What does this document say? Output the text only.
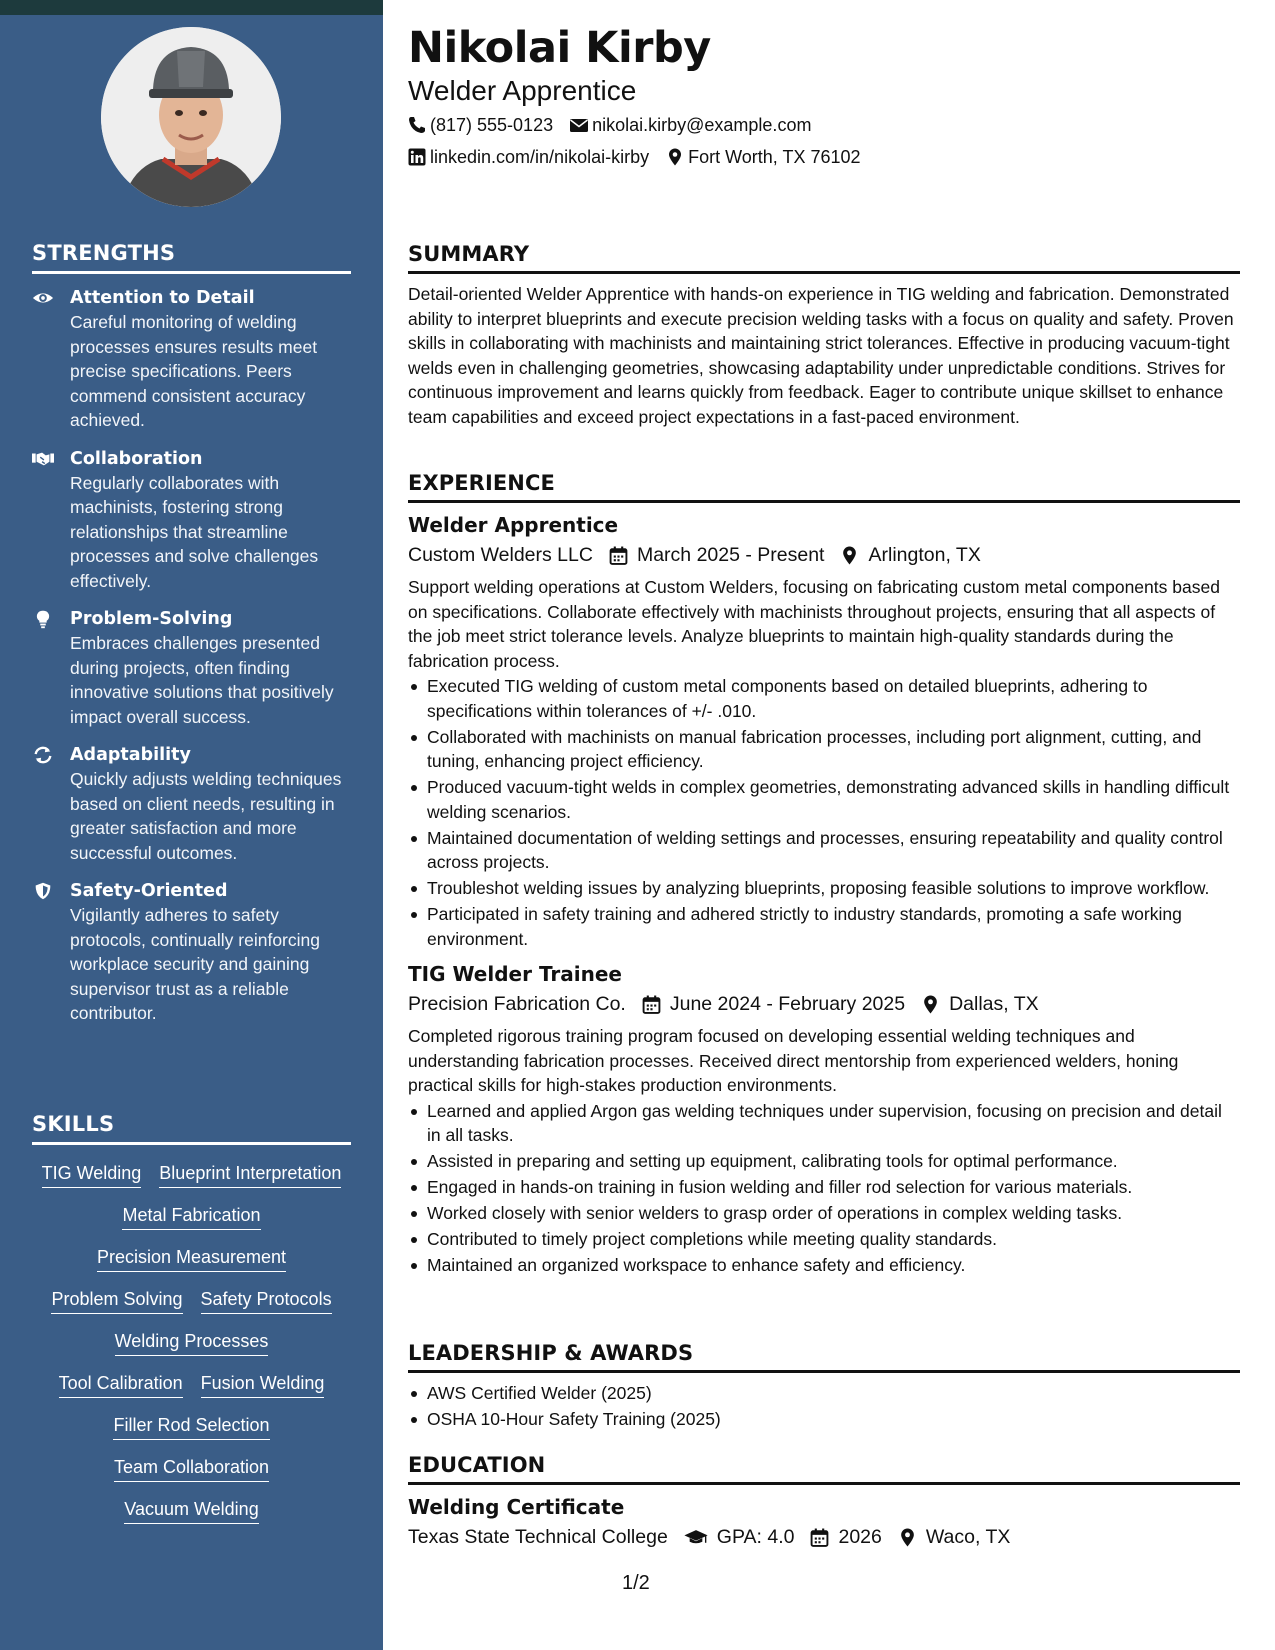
STRENGTHS
Attention to Detail
Careful monitoring of welding processes ensures results meet precise specifications. Peers commend consistent accuracy achieved.
Collaboration
Regularly collaborates with machinists, fostering strong relationships that streamline processes and solve challenges effectively.
Problem-Solving
Embraces challenges presented during projects, often finding innovative solutions that positively impact overall success.
Adaptability
Quickly adjusts welding techniques based on client needs, resulting in greater satisfaction and more successful outcomes.
Safety-Oriented
Vigilantly adheres to safety protocols, continually reinforcing workplace security and gaining supervisor trust as a reliable contributor.
SKILLS
TIG Welding Blueprint Interpretation
Metal Fabrication
Precision Measurement
Problem Solving Safety Protocols
Welding Processes
Tool Calibration Fusion Welding
Filler Rod Selection
Team Collaboration
Vacuum Welding
Nikolai Kirby
Welder Apprentice
(817) 555-0123 nikolai.kirby@example.com
linkedin.com/in/nikolai-kirby Fort Worth, TX 76102
SUMMARY
Detail-oriented Welder Apprentice with hands-on experience in TIG welding and fabrication. Demonstrated ability to interpret blueprints and execute precision welding tasks with a focus on quality and safety. Proven skills in collaborating with machinists and maintaining strict tolerances. Effective in producing vacuum-tight welds even in challenging geometries, showcasing adaptability under unpredictable conditions. Strives for continuous improvement and learns quickly from feedback. Eager to contribute unique skillset to enhance team capabilities and exceed project expectations in a fast-paced environment.
EXPERIENCE
Welder Apprentice
Custom Welders LLC March 2025 - Present Arlington, TX
Support welding operations at Custom Welders, focusing on fabricating custom metal components based on specifications. Collaborate effectively with machinists throughout projects, ensuring that all aspects of the job meet strict tolerance levels. Analyze blueprints to maintain high-quality standards during the fabrication process.
Executed TIG welding of custom metal components based on detailed blueprints, adhering to specifications within tolerances of +/- .010.
Collaborated with machinists on manual fabrication processes, including port alignment, cutting, and tuning, enhancing project efficiency.
Produced vacuum-tight welds in complex geometries, demonstrating advanced skills in handling difficult welding scenarios.
Maintained documentation of welding settings and processes, ensuring repeatability and quality control across projects.
Troubleshot welding issues by analyzing blueprints, proposing feasible solutions to improve workflow.
Participated in safety training and adhered strictly to industry standards, promoting a safe working environment.
TIG Welder Trainee
Precision Fabrication Co. June 2024 - February 2025 Dallas, TX
Completed rigorous training program focused on developing essential welding techniques and understanding fabrication processes. Received direct mentorship from experienced welders, honing practical skills for high-stakes production environments.
Learned and applied Argon gas welding techniques under supervision, focusing on precision and detail in all tasks.
Assisted in preparing and setting up equipment, calibrating tools for optimal performance.
Engaged in hands-on training in fusion welding and filler rod selection for various materials.
Worked closely with senior welders to grasp order of operations in complex welding tasks.
Contributed to timely project completions while meeting quality standards.
Maintained an organized workspace to enhance safety and efficiency.
LEADERSHIP & AWARDS
AWS Certified Welder (2025)
OSHA 10-Hour Safety Training (2025)
EDUCATION
Welding Certificate
Texas State Technical College	GPA: 4.0 2026 Waco, TX
1/2
